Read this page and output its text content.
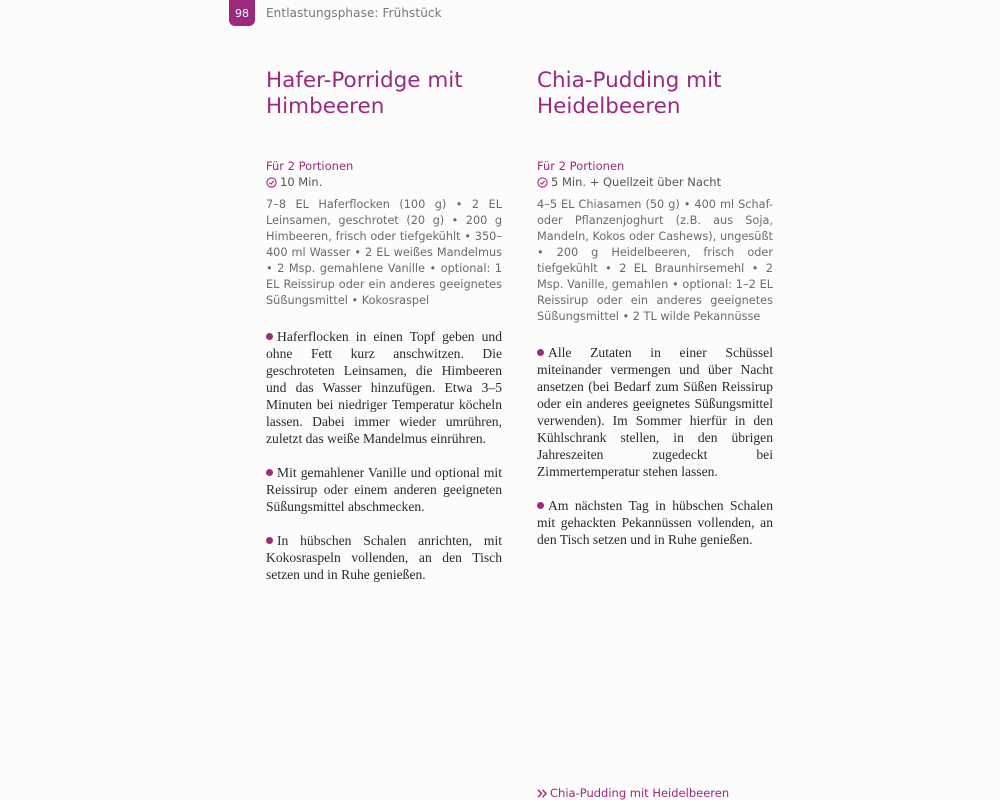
98 Entlastungsphase: Frühstück
Hafer-Porridge mit
Himbeeren
Für 2 Portionen
10 Min.
7–8 EL Haferflocken (100 g) • 2 EL Leinsamen, geschrotet (20 g) • 200 g Himbeeren, frisch oder tiefgekühlt • 350–400 ml Wasser • 2 EL weißes Mandelmus • 2 Msp. gemahlene Vanille • optional: 1 EL Reissirup oder ein anderes geeignetes Süßungsmittel • Kokosraspel

Haferflocken in einen Topf geben und ohne Fett kurz anschwitzen. Die geschroteten Leinsamen, die Himbeeren und das Wasser hinzufügen. Etwa 3–5 Minuten bei niedriger Temperatur köcheln lassen. Dabei immer wieder umrühren, zuletzt das weiße Mandelmus einrühren.

Mit gemahlener Vanille und optional mit Reissirup oder einem anderen geeigneten Süßungsmittel abschmecken.

In hübschen Schalen anrichten, mit Kokosraspeln vollenden, an den Tisch setzen und in Ruhe genießen.

Chia-Pudding mit
Heidelbeeren
Für 2 Portionen
5 Min. + Quellzeit über Nacht
4–5 EL Chiasamen (50 g) • 400 ml Schaf- oder Pflanzenjoghurt (z.B. aus Soja, Mandeln, Kokos oder Cashews), ungesüßt • 200 g Heidelbeeren, frisch oder tiefgekühlt • 2 EL Braunhirsemehl • 2 Msp. Vanille, gemahlen • optional: 1–2 EL Reissirup oder ein anderes geeignetes Süßungsmittel • 2 TL wilde Pekannüsse

Alle Zutaten in einer Schüssel miteinander vermengen und über Nacht ansetzen (bei Bedarf zum Süßen Reissirup oder ein anderes geeignetes Süßungsmittel verwenden). Im Sommer hierfür in den Kühlschrank stellen, in den übrigen Jahreszeiten zugedeckt bei Zimmertemperatur stehen lassen.

Am nächsten Tag in hübschen Schalen mit gehackten Pekannüssen vollenden, an den Tisch setzen und in Ruhe genießen.

Chia-Pudding mit Heidelbeeren
